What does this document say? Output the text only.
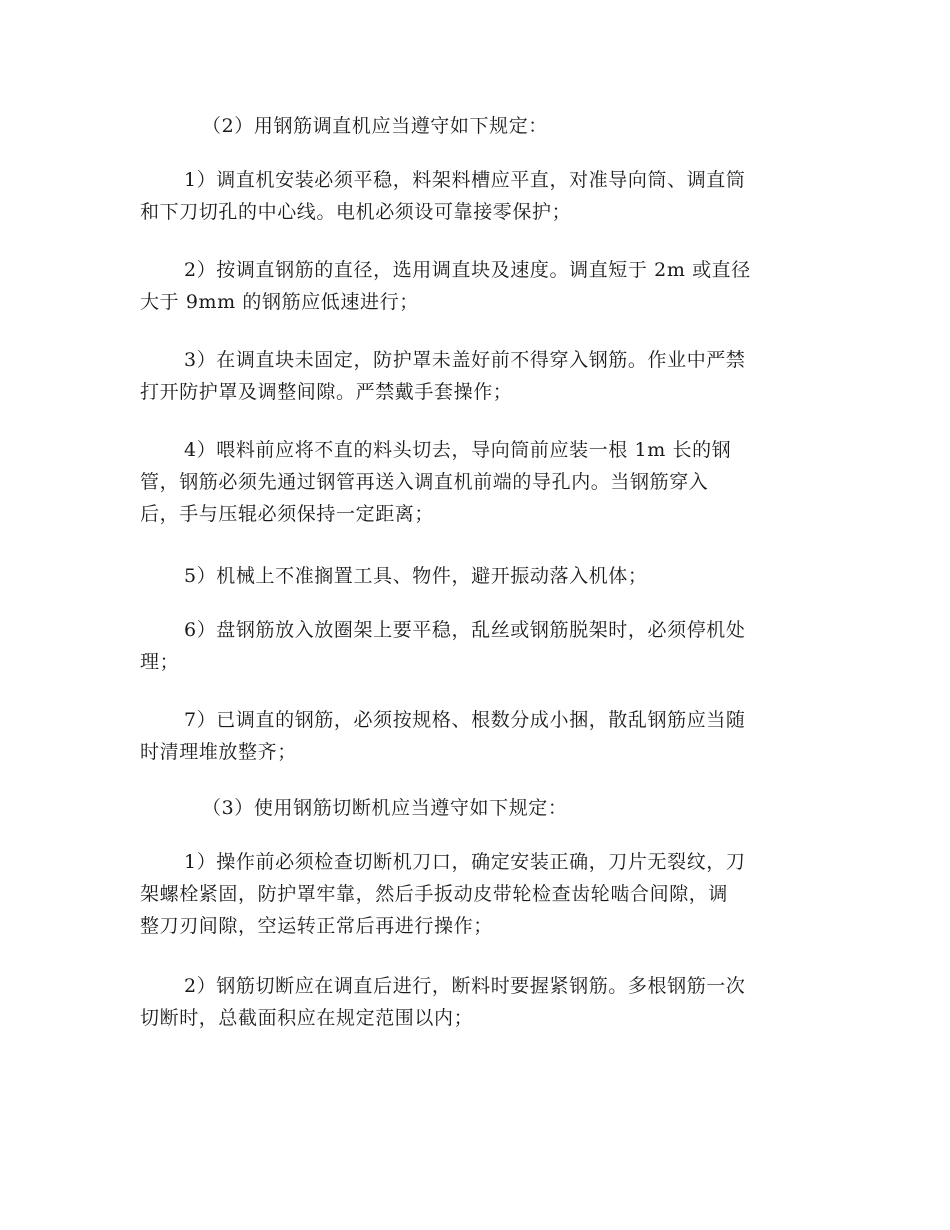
（2）用钢筋调直机应当遵守如下规定：
1）调直机安装必须平稳，料架料槽应平直，对准导向筒、调直筒
和下刀切孔的中心线。电机必须设可靠接零保护；
2）按调直钢筋的直径，选用调直块及速度。调直短于 2m 或直径
大于 9mm 的钢筋应低速进行；
3）在调直块未固定，防护罩未盖好前不得穿入钢筋。作业中严禁
打开防护罩及调整间隙。严禁戴手套操作；
4）喂料前应将不直的料头切去，导向筒前应装一根 1m 长的钢
管，钢筋必须先通过钢管再送入调直机前端的导孔内。当钢筋穿入
后，手与压辊必须保持一定距离；
5）机械上不准搁置工具、物件，避开振动落入机体；
6）盘钢筋放入放圈架上要平稳，乱丝或钢筋脱架时，必须停机处
理；
7）已调直的钢筋，必须按规格、根数分成小捆，散乱钢筋应当随
时清理堆放整齐；
（3）使用钢筋切断机应当遵守如下规定：
1）操作前必须检查切断机刀口，确定安装正确，刀片无裂纹，刀
架螺栓紧固，防护罩牢靠，然后手扳动皮带轮检查齿轮啮合间隙，调
整刀刃间隙，空运转正常后再进行操作；
2）钢筋切断应在调直后进行，断料时要握紧钢筋。多根钢筋一次
切断时，总截面积应在规定范围以内；
